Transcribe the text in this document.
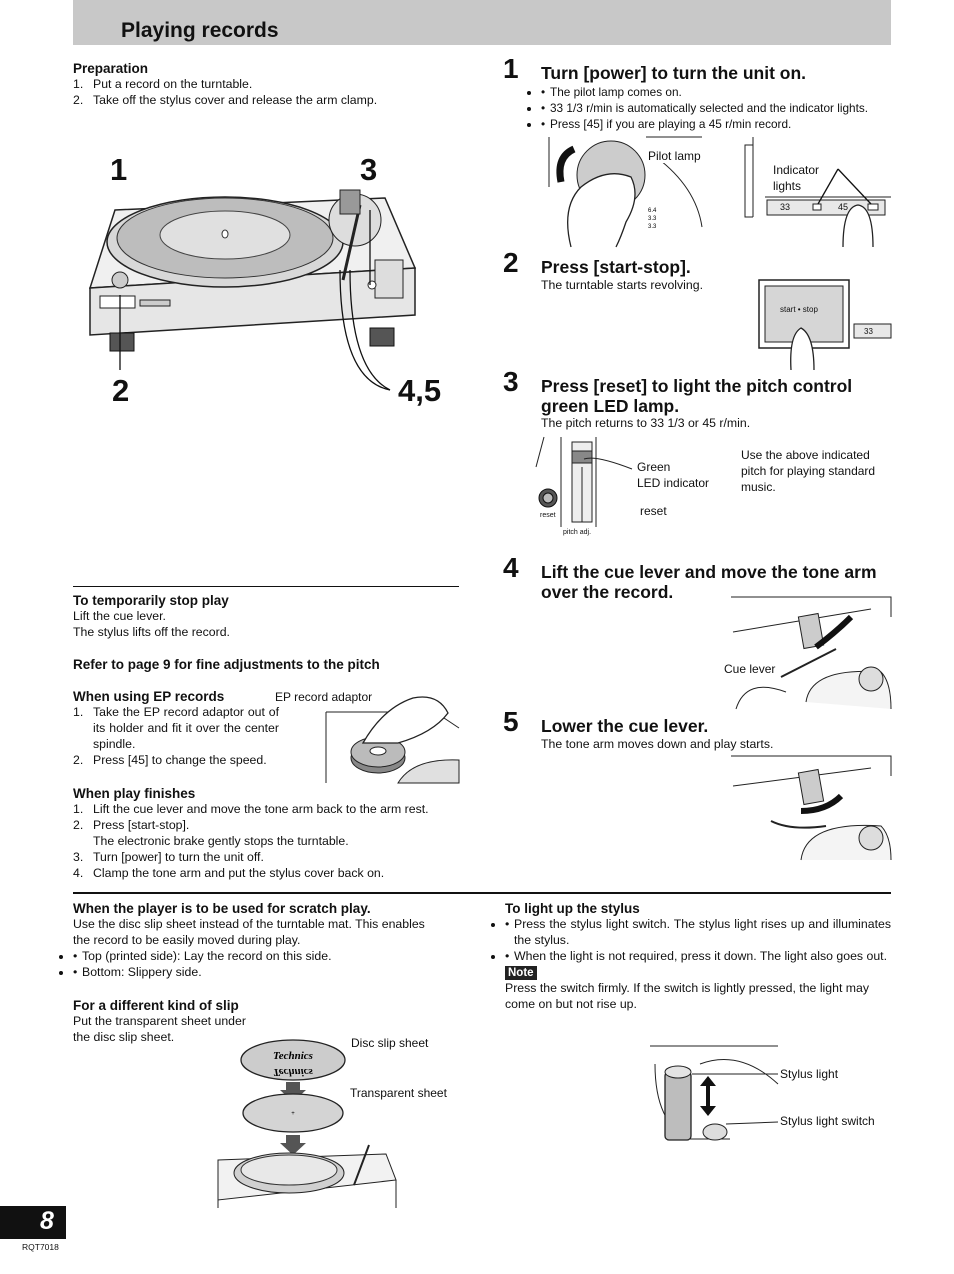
Playing records
Preparation
1. Put a record on the turntable.
2. Take off the stylus cover and release the arm clamp.
1	3
2	4,5
To temporarily stop play
Lift the cue lever.
The stylus lifts off the record.
Refer to page 9 for fine adjustments to the pitch
When using EP records
1. Take the EP record adaptor out of its holder and fit it over the center spindle.
2. Press [45] to change the speed.
EP record adaptor
When play finishes
1. Lift the cue lever and move the tone arm back to the arm rest.
2. Press [start-stop].
The electronic brake gently stops the turntable.
3. Turn [power] to turn the unit off.
4. Clamp the tone arm and put the stylus cover back on.
1 Turn [power] to turn the unit on.
• • The pilot lamp comes on.
• • 33 1/3 r/min is automatically selected and the indicator lights.
• • Press [45] if you are playing a 45 r/min record.
6.4
3.3
3.3
Pilot lamp
Indicator
lights
33	45
2 Press [start-stop].
The turntable starts revolving.
start • stop
33
3 Press [reset] to light the pitch control
green LED lamp.
The pitch returns to 33 1/3 or 45 r/min.
reset
pitch adj.
Green
LED indicator
reset
Use the above indicated
pitch for playing standard
music.
4 Lift the cue lever and move the tone arm
over the record.
Cue lever
5 Lower the cue lever.
The tone arm moves down and play starts.
When the player is to be used for scratch play.
Use the disc slip sheet instead of the turntable mat. This enables
the record to be easily moved during play.
• • Top (printed side): Lay the record on this side.
• • Bottom: Slippery side.
For a different kind of slip
Put the transparent sheet under
the disc slip sheet.
Technics
Technics
+
Disc slip sheet
Transparent sheet
To light up the stylus
• • Press the stylus light switch. The stylus light rises up and illuminates the stylus.
• • When the light is not required, press it down. The light also goes out.
Note
Press the switch firmly. If the switch is lightly pressed, the light may come on but not rise up.
Stylus light
Stylus light switch
8
RQT7018
